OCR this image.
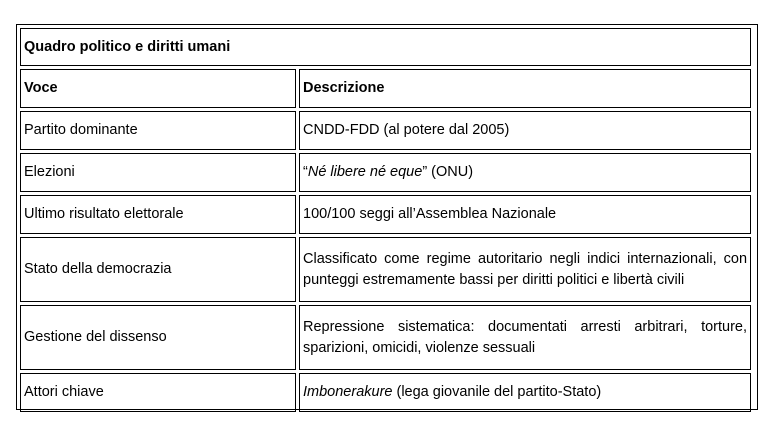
Quadro politico e diritti umani	
Voce	Descrizione
Partito dominante	CNDD-FDD (al potere dal 2005)
Elezioni	“Né libere né eque” (ONU)
Ultimo risultato elettorale	100/100 seggi all’Assemblea Nazionale
Stato della democrazia	Classificato come regime autoritario negli indici internazionali, con punteggi estremamente bassi per diritti politici e libertà civili
Gestione del dissenso	Repressione sistematica: documentati arresti arbitrari, torture, sparizioni, omicidi, violenze sessuali
Attori chiave	Imbonerakure (lega giovanile del partito-Stato)
